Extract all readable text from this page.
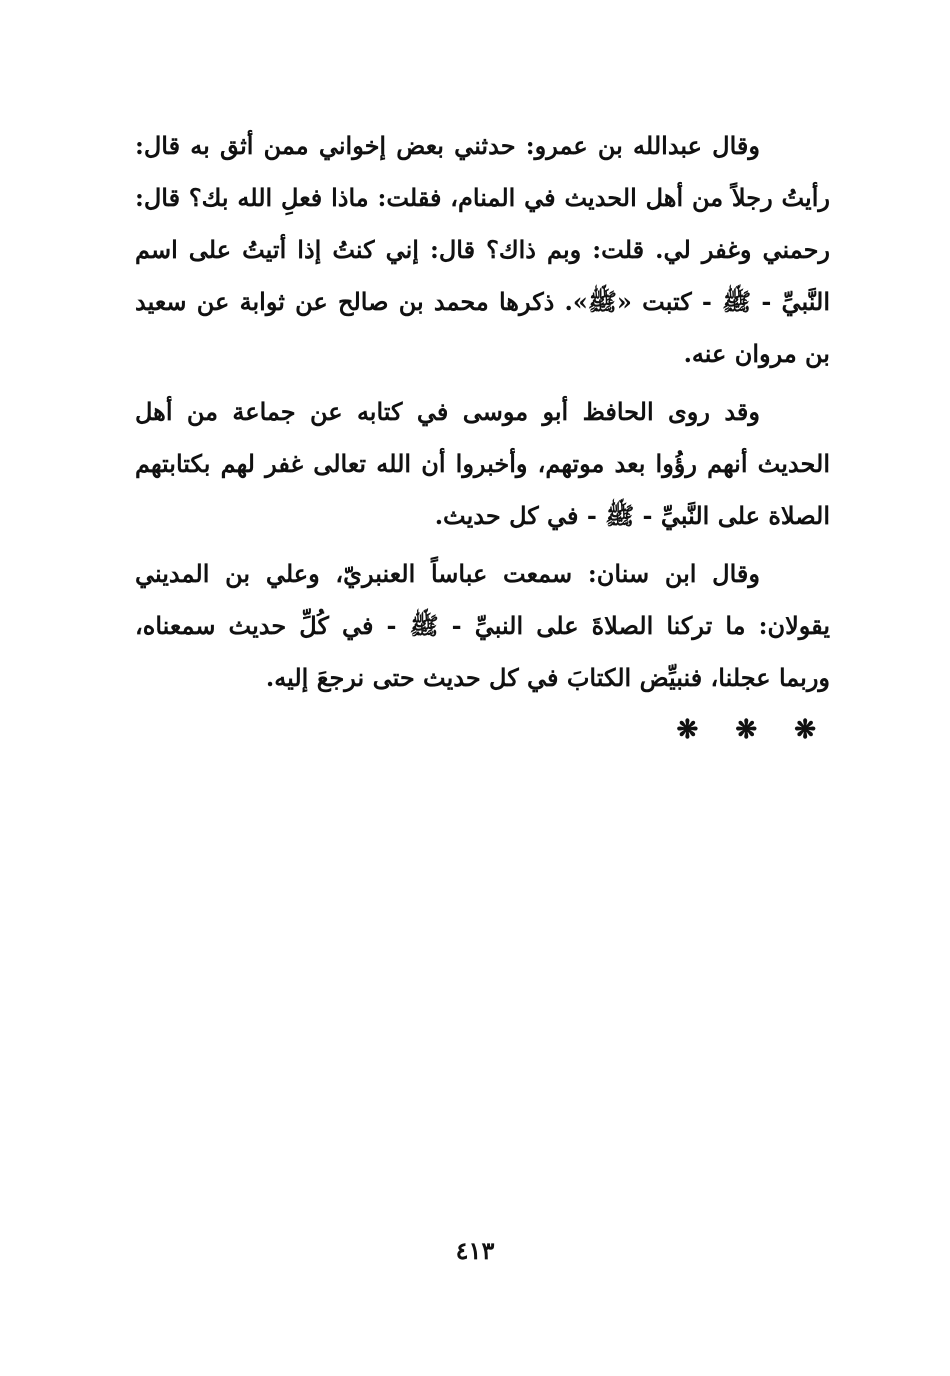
وقال عبدالله بن عمرو: حدثني بعض إخواني ممن أثق به قال: رأيتُ رجلاً من أهل الحديث في المنام، فقلت: ماذا فعلِ الله بك؟ قال: رحمني وغفر لي. قلت: وبم ذاك؟ قال: إني كنتُ إذا أتيتُ على اسم النَّبيِّ - ﷺ - كتبت «ﷺ». ذكرها محمد بن صالح عن ثوابة عن سعيد بن مروان عنه.

وقد روى الحافظ أبو موسى في كتابه عن جماعة من أهل الحديث أنهم رؤُوا بعد موتهم، وأخبروا أن الله تعالى غفر لهم بكتابتهم الصلاة على النَّبيِّ - ﷺ - في كل حديث.

وقال ابن سنان: سمعت عباساً العنبريّ، وعلي بن المديني يقولان: ما تركنا الصلاةَ على النبيِّ - ﷺ - في كُلِّ حديث سمعناه، وربما عجلنا، فنبيِّض الكتابَ في كل حديث حتى نرجعَ إليه.

❋ ❋ ❋
٤١٣
